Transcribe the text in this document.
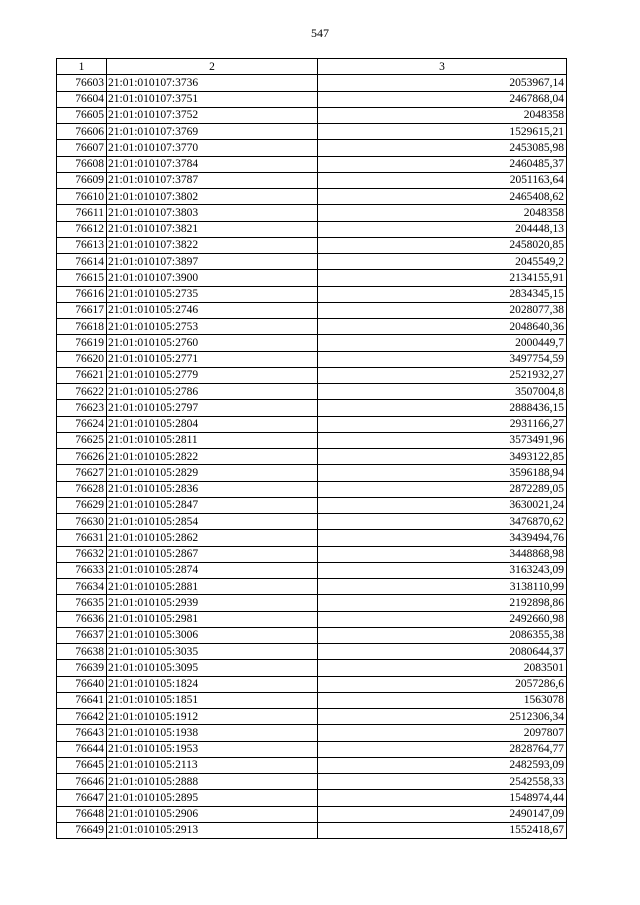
547
1	2	3
76603	21:01:010107:3736	2053967,14
76604	21:01:010107:3751	2467868,04
76605	21:01:010107:3752	2048358
76606	21:01:010107:3769	1529615,21
76607	21:01:010107:3770	2453085,98
76608	21:01:010107:3784	2460485,37
76609	21:01:010107:3787	2051163,64
76610	21:01:010107:3802	2465408,62
76611	21:01:010107:3803	2048358
76612	21:01:010107:3821	204448,13
76613	21:01:010107:3822	2458020,85
76614	21:01:010107:3897	2045549,2
76615	21:01:010107:3900	2134155,91
76616	21:01:010105:2735	2834345,15
76617	21:01:010105:2746	2028077,38
76618	21:01:010105:2753	2048640,36
76619	21:01:010105:2760	2000449,7
76620	21:01:010105:2771	3497754,59
76621	21:01:010105:2779	2521932,27
76622	21:01:010105:2786	3507004,8
76623	21:01:010105:2797	2888436,15
76624	21:01:010105:2804	2931166,27
76625	21:01:010105:2811	3573491,96
76626	21:01:010105:2822	3493122,85
76627	21:01:010105:2829	3596188,94
76628	21:01:010105:2836	2872289,05
76629	21:01:010105:2847	3630021,24
76630	21:01:010105:2854	3476870,62
76631	21:01:010105:2862	3439494,76
76632	21:01:010105:2867	3448868,98
76633	21:01:010105:2874	3163243,09
76634	21:01:010105:2881	3138110,99
76635	21:01:010105:2939	2192898,86
76636	21:01:010105:2981	2492660,98
76637	21:01:010105:3006	2086355,38
76638	21:01:010105:3035	2080644,37
76639	21:01:010105:3095	2083501
76640	21:01:010105:1824	2057286,6
76641	21:01:010105:1851	1563078
76642	21:01:010105:1912	2512306,34
76643	21:01:010105:1938	2097807
76644	21:01:010105:1953	2828764,77
76645	21:01:010105:2113	2482593,09
76646	21:01:010105:2888	2542558,33
76647	21:01:010105:2895	1548974,44
76648	21:01:010105:2906	2490147,09
76649	21:01:010105:2913	1552418,67
